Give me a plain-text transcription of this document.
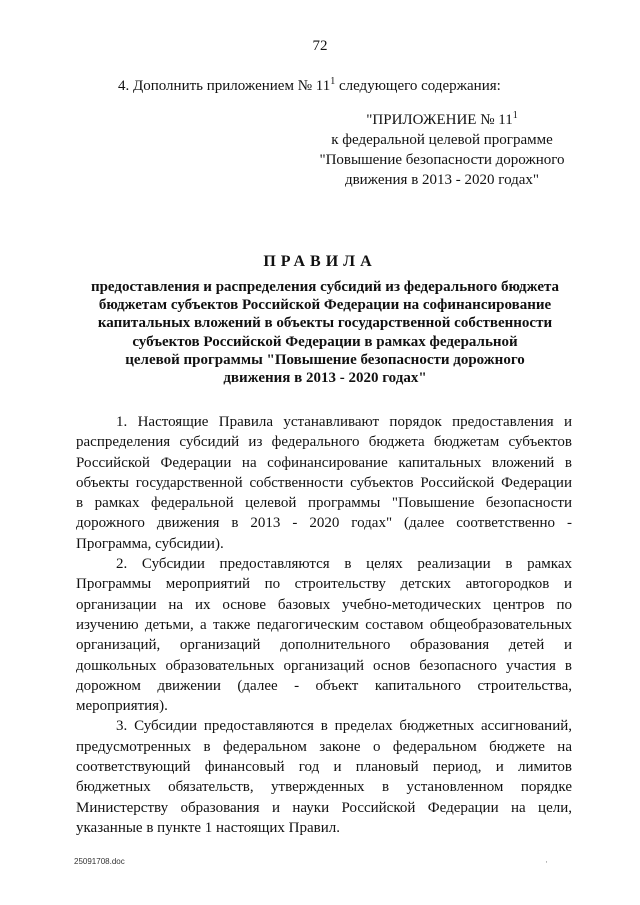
72
4. Дополнить приложением № $11^1$ следующего содержания:
"ПРИЛОЖЕНИЕ № $11^1$
к федеральной целевой программе
"Повышение безопасности дорожного
движения в 2013 - 2020 годах"
ПРАВИЛА
предоставления и распределения субсидий из федерального бюджета
бюджетам субъектов Российской Федерации на софинансирование
капитальных вложений в объекты государственной собственности
субъектов Российской Федерации в рамках федеральной
целевой программы "Повышение безопасности дорожного
движения в 2013 - 2020 годах"
1. Настоящие Правила устанавливают порядок предоставления и
распределения субсидий из федерального бюджета бюджетам субъектов
Российской Федерации на софинансирование капитальных вложений в
объекты государственной собственности субъектов Российской Федерации
в рамках федеральной целевой программы "Повышение безопасности
дорожного движения в 2013 - 2020 годах" (далее соответственно -
Программа, субсидии).
2. Субсидии предоставляются в целях реализации в рамках
Программы мероприятий по строительству детских автогородков и
организации на их основе базовых учебно-методических центров по
изучению детьми, а также педагогическим составом общеобразовательных
организаций, организаций дополнительного образования детей и
дошкольных образовательных организаций основ безопасного участия в
дорожном движении (далее - объект капитального строительства,
мероприятия).
3. Субсидии предоставляются в пределах бюджетных ассигнований,
предусмотренных в федеральном законе о федеральном бюджете на
соответствующий финансовый год и плановый период, и лимитов
бюджетных обязательств, утвержденных в установленном порядке
Министерству образования и науки Российской Федерации на цели,
указанные в пункте 1 настоящих Правил.
25091708.doc	·
